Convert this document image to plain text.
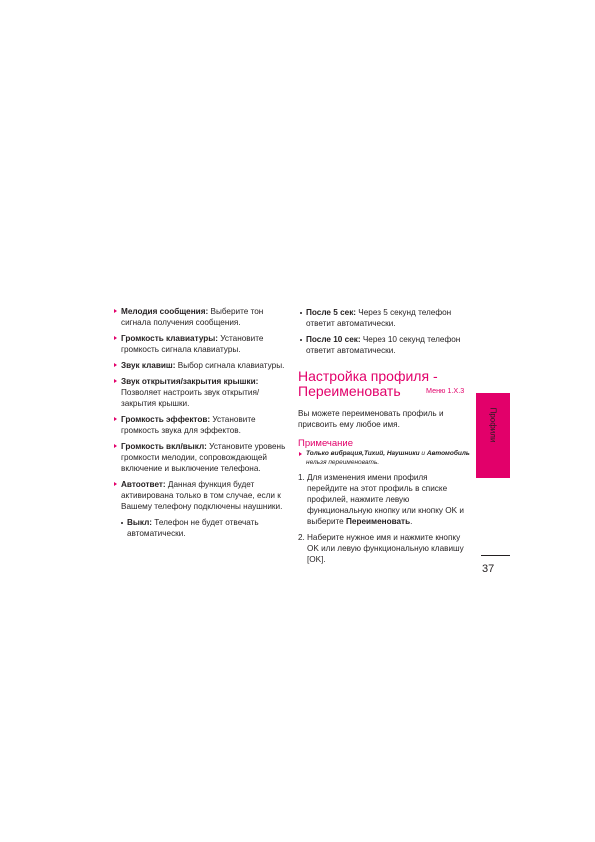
Мелодия сообщения: Выберите тон сигнала получения сообщения.
Громкость клавиатуры: Установите громкость сигнала клавиатуры.
Звук клавиш: Выбор сигнала клавиатуры.
Звук открытия/закрытия крышки: Позволяет настроить звук открытия/закрытия крышки.
Громкость эффектов: Установите громкость звука для эффектов.
Громкость вкл/выкл: Установите уровень громкости мелодии, сопровождающей включение и выключение телефона.
Автоответ: Данная функция будет активирована только в том случае, если к Вашему телефону подключены наушники.
Выкл: Телефон не будет отвечать автоматически.
После 5 сек: Через 5 секунд телефон ответит автоматически.
После 10 сек: Через 10 секунд телефон ответит автоматически.
Настройка профиля -
Переименовать	Меню 1.X.3
Вы можете переименовать профиль и присвоить ему любое имя.
Примечание
Только вибрация,Тихий, Наушники и Автомобиль нельзя переименовать.
1. Для изменения имени профиля перейдите на этот профиль в списке профилей, нажмите левую функциональную кнопку или кнопку OK и выберите Переименовать.
2. Наберите нужное имя и нажмите кнопку OK или левую функциональную клавишу [OK].
Профили
37
